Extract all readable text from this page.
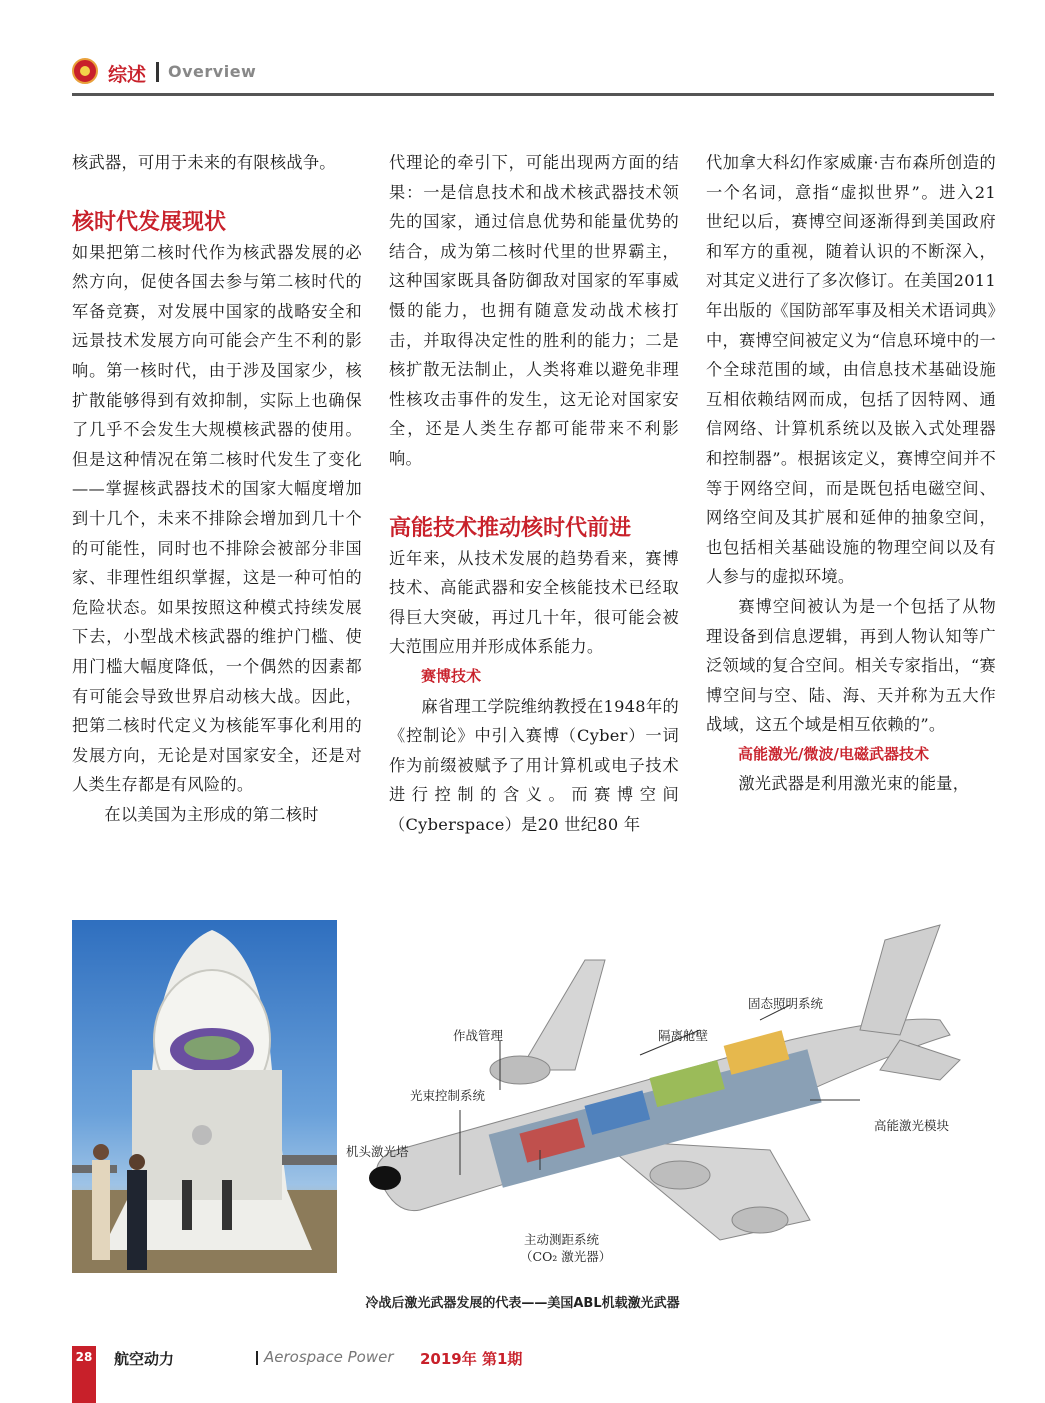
综述 Overview

核武器，可用于未来的有限核战争。

核时代发展现状

如果把第二核时代作为核武器发展的必然方向，促使各国去参与第二核时代的军备竞赛，对发展中国家的战略安全和远景技术发展方向可能会产生不利的影响。第一核时代，由于涉及国家少，核扩散能够得到有效抑制，实际上也确保了几乎不会发生大规模核武器的使用。但是这种情况在第二核时代发生了变化——掌握核武器技术的国家大幅度增加到十几个，未来不排除会增加到几十个的可能性，同时也不排除会被部分非国家、非理性组织掌握，这是一种可怕的危险状态。如果按照这种模式持续发展下去，小型战术核武器的维护门槛、使用门槛大幅度降低，一个偶然的因素都有可能会导致世界启动核大战。因此，把第二核时代定义为核能军事化利用的发展方向，无论是对国家安全，还是对人类生存都是有风险的。

在以美国为主形成的第二核时

代理论的牵引下，可能出现两方面的结果：一是信息技术和战术核武器技术领先的国家，通过信息优势和能量优势的结合，成为第二核时代里的世界霸主，这种国家既具备防御敌对国家的军事威慑的能力，也拥有随意发动战术核打击，并取得决定性的胜利的能力；二是核扩散无法制止，人类将难以避免非理性核攻击事件的发生，这无论对国家安全，还是人类生存都可能带来不利影响。

高能技术推动核时代前进

近年来，从技术发展的趋势看来，赛博技术、高能武器和安全核能技术已经取得巨大突破，再过几十年，很可能会被大范围应用并形成体系能力。

赛博技术

麻省理工学院维纳教授在1948年的《控制论》中引入赛博（Cyber）一词作为前缀被赋予了用计算机或电子技术进行控制的含义。而赛博空间（Cyberspace）是20 世纪80 年

代加拿大科幻作家威廉·吉布森所创造的一个名词，意指“虚拟世界”。进入21 世纪以后，赛博空间逐渐得到美国政府和军方的重视，随着认识的不断深入，对其定义进行了多次修订。在美国2011 年出版的《国防部军事及相关术语词典》中，赛博空间被定义为“信息环境中的一个全球范围的域，由信息技术基础设施互相依赖结网而成，包括了因特网、通信网络、计算机系统以及嵌入式处理器和控制器”。根据该定义，赛博空间并不等于网络空间，而是既包括电磁空间、网络空间及其扩展和延伸的抽象空间，也包括相关基础设施的物理空间以及有人参与的虚拟环境。

赛博空间被认为是一个包括了从物理设备到信息逻辑，再到人物认知等广泛领域的复合空间。相关专家指出，“赛博空间与空、陆、海、天并称为五大作战域，这五个域是相互依赖的”。

高能激光/微波/电磁武器技术

激光武器是利用激光束的能量，

固态照明系统
作战管理	隔离舱壁
光束控制系统
高能激光模块
机头激光塔
主动测距系统
（CO₂ 激光器）
冷战后激光武器发展的代表——美国ABL机载激光武器
28 航空动力	Aerospace Power 2019年 第1期
